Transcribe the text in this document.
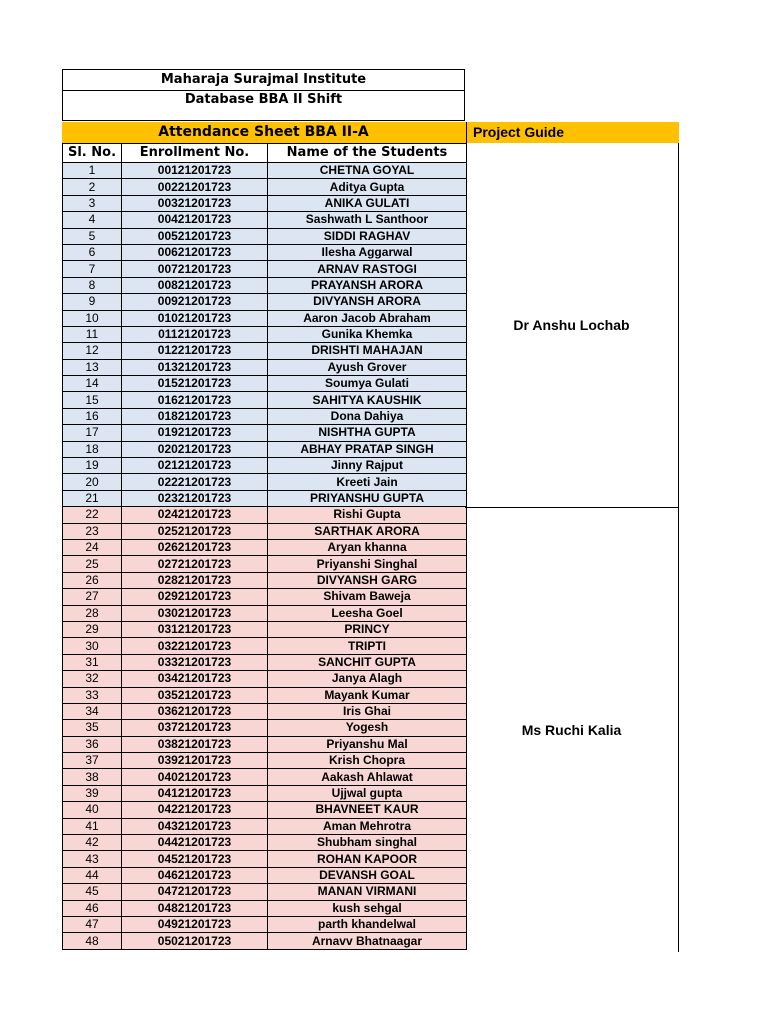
Maharaja Surajmal Institute
Database BBA II Shift
Attendance Sheet BBA II-A	Project Guide
Sl. No.	Enrollment No.	Name of the Students
1	00121201723	CHETNA GOYAL
2	00221201723	Aditya Gupta
3	00321201723	ANIKA GULATI
4	00421201723	Sashwath L Santhoor
5	00521201723	SIDDI RAGHAV
6	00621201723	Ilesha Aggarwal
7	00721201723	ARNAV RASTOGI
8	00821201723	PRAYANSH ARORA
9	00921201723	DIVYANSH ARORA
10	01021201723	Aaron Jacob Abraham
11	01121201723	Gunika Khemka
12	01221201723	DRISHTI MAHAJAN
13	01321201723	Ayush Grover
14	01521201723	Soumya Gulati
15	01621201723	SAHITYA KAUSHIK
16	01821201723	Dona Dahiya
17	01921201723	NISHTHA GUPTA
18	02021201723	ABHAY PRATAP SINGH
19	02121201723	Jinny Rajput
20	02221201723	Kreeti Jain
21	02321201723	PRIYANSHU GUPTA
22	02421201723	Rishi Gupta
23	02521201723	SARTHAK ARORA
24	02621201723	Aryan khanna
25	02721201723	Priyanshi Singhal
26	02821201723	DIVYANSH GARG
27	02921201723	Shivam Baweja
28	03021201723	Leesha Goel
29	03121201723	PRINCY
30	03221201723	TRIPTI
31	03321201723	SANCHIT GUPTA
32	03421201723	Janya Alagh
33	03521201723	Mayank Kumar
34	03621201723	Iris Ghai
35	03721201723	Yogesh
36	03821201723	Priyanshu Mal
37	03921201723	Krish Chopra
38	04021201723	Aakash Ahlawat
39	04121201723	Ujjwal gupta
40	04221201723	BHAVNEET KAUR
41	04321201723	Aman Mehrotra
42	04421201723	Shubham singhal
43	04521201723	ROHAN KAPOOR
44	04621201723	DEVANSH GOAL
45	04721201723	MANAN VIRMANI
46	04821201723	kush sehgal
47	04921201723	parth khandelwal
48	05021201723	Arnavv Bhatnaagar
Dr Anshu Lochab
Ms Ruchi Kalia
